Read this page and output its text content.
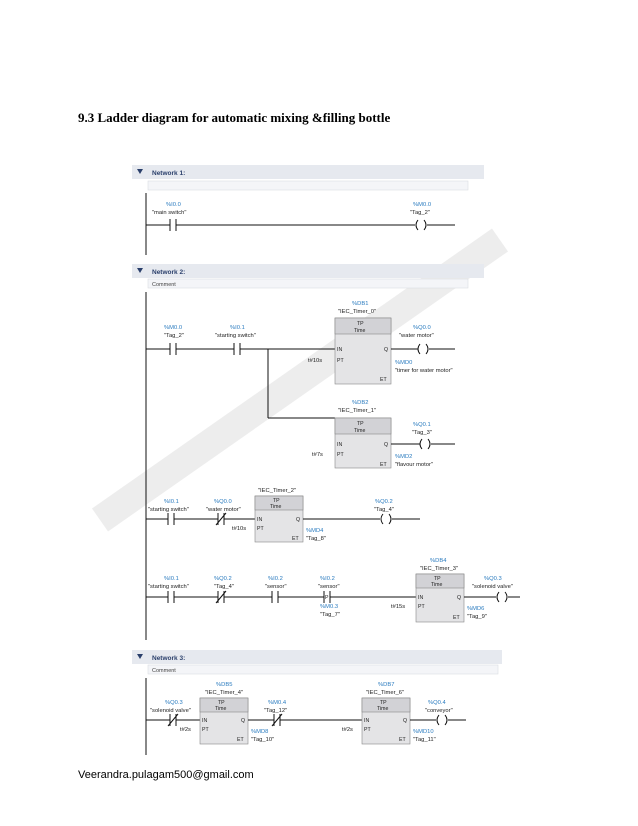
9.3 Ladder diagram for automatic mixing &filling bottle
Network 1:
%I0.0
"main switch"
%M0.0
"Tag_2"
Network 2:
Comment
%M0.0
"Tag_2"
%I0.1
"starting switch"
%DB1
"IEC_Timer_0"
TP
Time
IN	Q
PT
ET
t#10s
%Q0.0
"water motor"
%MD0
"timer for water motor"
%DB2
"IEC_Timer_1"
TP
Time
IN	Q
PT
ET
t#7s
%Q0.1
"Tag_3"
%MD2
"flavour motor"
%I0.1
"starting switch"
%Q0.0
"water motor"
"IEC_Timer_2"
TP
Time
IN	Q
PT
ET
t#10s	%MD4
"Tag_8"
%Q0.2
"Tag_4"
%I0.1
"starting switch"
%Q0.2
"Tag_4"
%I0.2
"sensor"
P
%I0.2
"sensor"
%M0.3
"Tag_7"
%DB4
"IEC_Timer_3"
TP
Time
IN	Q
PT
ET
t#15s	%MD6
"Tag_9"
%Q0.3
"solenoid valve"
Network 3:
Comment
%Q0.3
"solenoid valve"
%DB5
"IEC_Timer_4"
TP
Time
IN	Q
PT
ET
t#2s	%MD8
"Tag_10"
%M0.4
"Tag_12"
%DB7
"IEC_Timer_6"
TP
Time
IN	Q
PT
ET
t#2s	%MD10
"Tag_11"
%Q0.4
"conveyor"
Veerandra.pulagam500@gmail.com
